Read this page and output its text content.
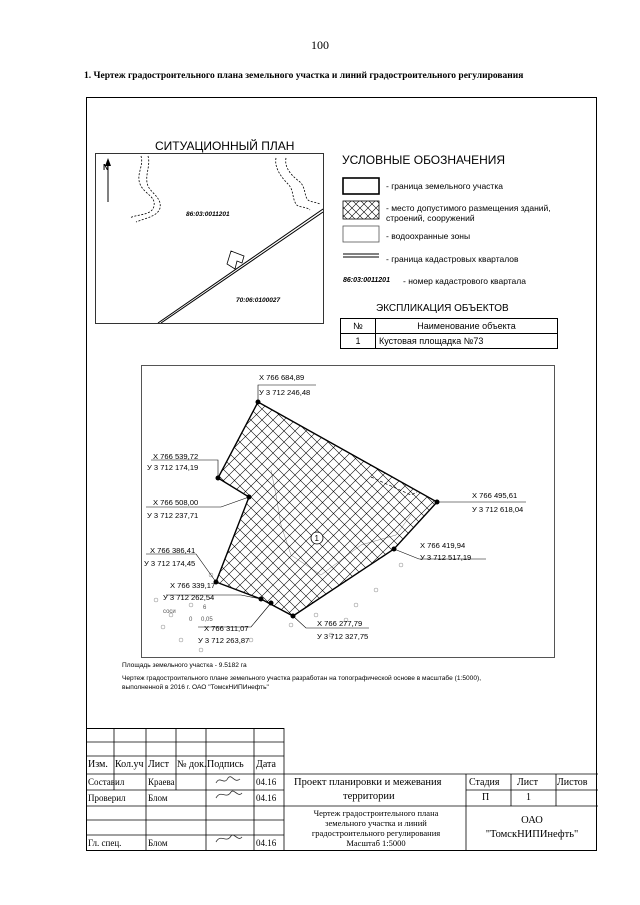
100
1. Чертеж градостроительного плана земельного участка и линий градостроительного регулирования
СИТУАЦИОННЫЙ ПЛАН
N
86:03:0011201
70:06:0100027
УСЛОВНЫЕ ОБОЗНАЧЕНИЯ
- граница земельного участка
- место допустимого размещения зданий,
строений, сооружений
- водоохранные зоны
- граница кадастровых кварталов
86:03:0011201 - номер кадастрового квартала
ЭКСПЛИКАЦИЯ ОБЪЕКТОВ
№	Наименование объекта
1	Кустовая площадка №73
1
соси
6
0 0,05
X 766 684,89
У 3 712 246,48
X 766 539,72
У 3 712 174,19
X 766 508,00
У 3 712 237,71
X 766 386,41
У 3 712 174,45
X 766 339,17
У 3 712 262,54
X 766 311,07
У 3 712 263,87
X 766 277,79
У 3 712 327,75
X 766 419,94
У 3 712 517,19
X 766 495,61
У 3 712 618,04
Площадь земельного участка - 9.5182 га
Чертеж градостроительного плане земельного участка разработан на топографической основе в масштабе (1:5000),
выполненной в 2016 г. ОАО "ТомскНИПИнефть"
Изм. Кол.уч Лист № док. Подпись Дата
Составил	Краева	04.16
Проверил	Блом	04.16
Гл. спец.	Блом	04.16
Проект планировки и межевания
территории
Стадия Лист Листов
П	1
Чертеж градостроительного плана
земельного участка и линий
градостроительного регулирования
Масштаб 1:5000
ОАО
"ТомскНИПИнефть"
